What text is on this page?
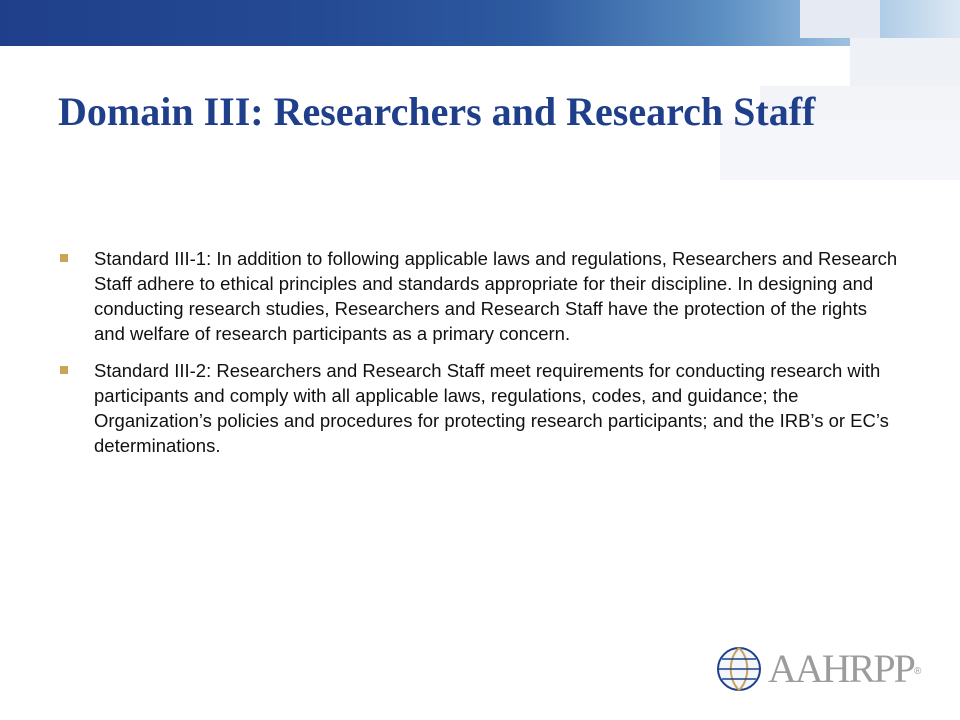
Domain III: Researchers and Research Staff
Standard III-1: In addition to following applicable laws and regulations, Researchers and Research Staff adhere to ethical principles and standards appropriate for their discipline. In designing and conducting research studies, Researchers and Research Staff have the protection of the rights and welfare of research participants as a primary concern.
Standard III-2: Researchers and Research Staff meet requirements for conducting research with participants and comply with all applicable laws, regulations, codes, and guidance; the Organization’s policies and procedures for protecting research participants; and the IRB’s or EC’s determinations.
AAHRPP ®
